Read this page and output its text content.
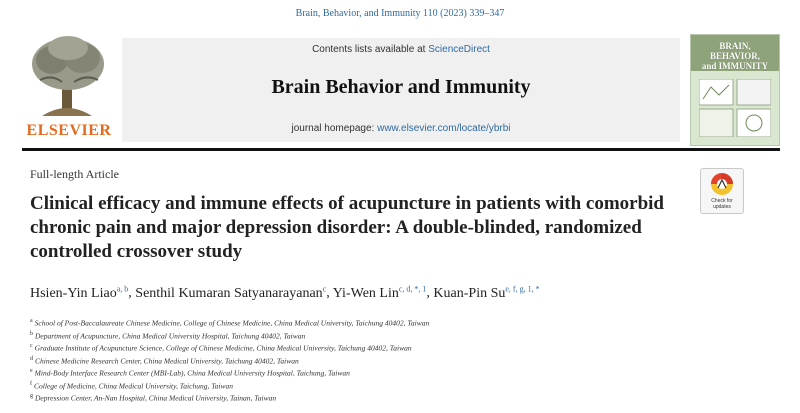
Brain, Behavior, and Immunity 110 (2023) 339–347
ELSEVIER
Contents lists available at ScienceDirect
Brain Behavior and Immunity
journal homepage: www.elsevier.com/locate/ybrbi
BRAIN,
BEHAVIOR,
and IMMUNITY
Full-length Article
Check for
updates
Clinical efficacy and immune effects of acupuncture in patients with comorbid chronic pain and major depression disorder: A double-blinded, randomized controlled crossover study
Hsien-Yin Liao$^{a, b}$, Senthil Kumaran Satyanarayanan$^c$, Yi-Wen Lin$^{c, d, *, 1}$, Kuan-Pin $Su^{e, f, g, 1, *}$
$^a$ School of Post-Baccalaureate Chinese Medicine, College of Chinese Medicine, China Medical University, Taichung 40402, Taiwan
$^b$ Department of Acupuncture, China Medical University Hospital, Taichung 40402, Taiwan
$^c$ Graduate Institute of Acupuncture Science, College of Chinese Medicine, China Medical University, Taichung 40402, Taiwan
$^d$ Chinese Medicine Research Center, China Medical University, Taichung 40402, Taiwan
$^e$ Mind-Body Interface Research Center (MBI-Lab), China Medical University Hospital, Taichung, Taiwan
$^f$ College of Medicine, China Medical University, Taichung, Taiwan
$^g$ Depression Center, An-Nan Hospital, China Medical University, Tainan, Taiwan
